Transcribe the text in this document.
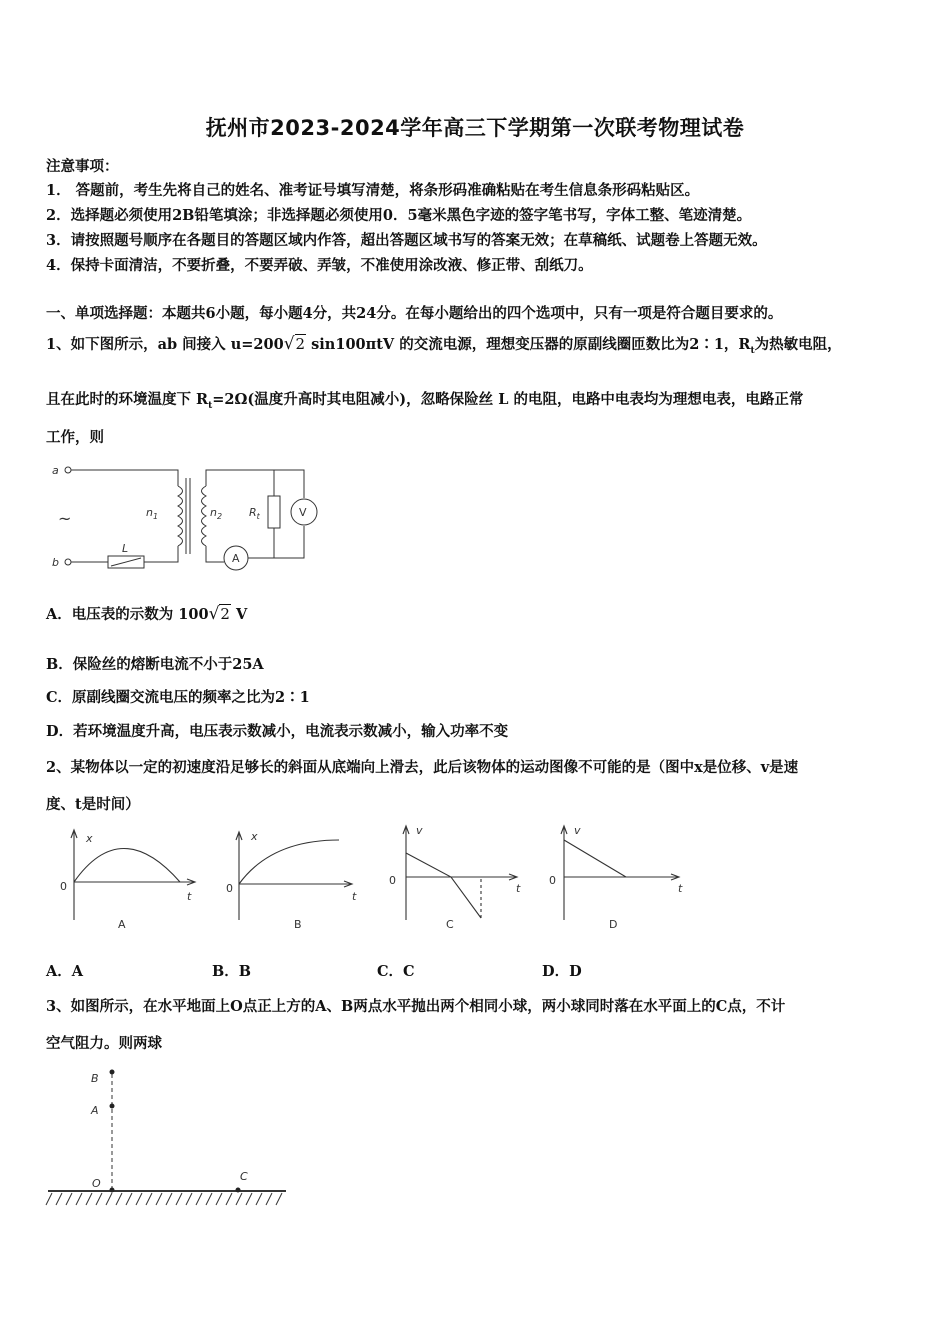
抚州市2023-2024学年高三下学期第一次联考物理试卷
注意事项：
1． 答题前，考生先将自己的姓名、准考证号填写清楚，将条形码准确粘贴在考生信息条形码粘贴区。
2．选择题必须使用2B铅笔填涂；非选择题必须使用0．5毫米黑色字迹的签字笔书写，字体工整、笔迹清楚。
3．请按照题号顺序在各题目的答题区域内作答，超出答题区域书写的答案无效；在草稿纸、试题卷上答题无效。
4．保持卡面清洁，不要折叠，不要弄破、弄皱，不准使用涂改液、修正带、刮纸刀。
一、单项选择题：本题共6小题，每小题4分，共24分。在每小题给出的四个选项中，只有一项是符合题目要求的。
1、如下图所示，ab 间接入 u=200√2 sin100πtV 的交流电源，理想变压器的原副线圈匝数比为2∶1，$R_t$为热敏电阻，
且在此时的环境温度下 $R_t=2\Omega$(温度升高时其电阻减小)，忽略保险丝 L 的电阻，电路中电表均为理想电表，电路正常
工作，则
a
b
~	$n_1$	$n_2$ $R_t$	V
A
L
A．电压表的示数为 100√2 V
B．保险丝的熔断电流不小于25A
C．原副线圈交流电压的频率之比为2∶1
D．若环境温度升高，电压表示数减小，电流表示数减小，输入功率不变
2、某物体以一定的初速度沿足够长的斜面从底端向上滑去，此后该物体的运动图像不可能的是（图中x是位移、v是速
度、t是时间）
x
0
t
A
x
0
t
B
v
0
t
C
v
0
t
D
A．A	B．B	C．C	D．D
3、如图所示，在水平地面上O点正上方的A、B两点水平抛出两个相同小球，两小球同时落在水平面上的C点，不计
空气阻力。则两球
B
A
O
C
